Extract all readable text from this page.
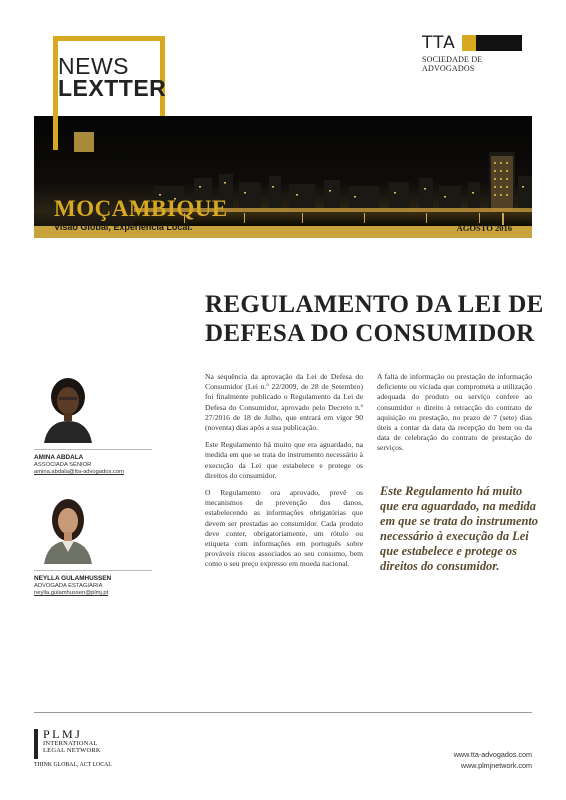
NEWS
LEXTTER
TTA
SOCIEDADE DE ADVOGADOS
MOÇAMBIQUE
Visão Global, Experiência Local.	AGOSTO 2016
REGULAMENTO DA LEI DE DEFESA DO CONSUMIDOR
AMINA ABDALA
ASSOCIADA SÉNIOR
amina.abdala@tta-advogados.com
NEYLLA GULAMHUSSEN
ADVOGADA ESTAGIÁRIA
neylla.gulamhussen@plmj.pt

Na sequência da aprovação da Lei de Defesa do Consumidor (Lei n.º 22/2009, de 28 de Setembro) foi finalmente publicado o Regulamento da Lei de Defesa do Consumidor, aprovado pelo Decreto n.º 27/2016 de 18 de Julho, que entrará em vigor 90 (noventa) dias após a sua publicação.

Este Regulamento há muito que era aguardado, na medida em que se trata do instrumento necessário à execução da Lei que estabelece e protege os direitos do consumidor.

O Regulamento ora aprovado, prevê os mecanismos de prevenção dos danos, estabelecendo as informações obrigatórias que devem ser prestadas ao consumidor. Cada produto deve conter, obrigatoriamente, um rótulo ou etiqueta com informações em português sobre prováveis riscos associados ao seu consumo, bem como o seu preço expresso em moeda nacional.

A falta de informação ou prestação de informação deficiente ou viciada que comprometa a utilização adequada do produto ou serviço confere ao consumidor o direito à retracção do contrato de aquisição ou prestação, no prazo de 7 (sete) dias úteis a contar da data da recepção do bem ou da data de celebração do contrato de prestação de serviços.

Este Regulamento há muito que era aguardado, na medida em que se trata do instrumento necessário à execução da Lei que estabelece e protege os direitos do consumidor.
PLMJ
INTERNATIONAL
LEGAL NETWORK
THINK GLOBAL, ACT LOCAL
www.tta-advogados.com
www.plmjnetwork.com
